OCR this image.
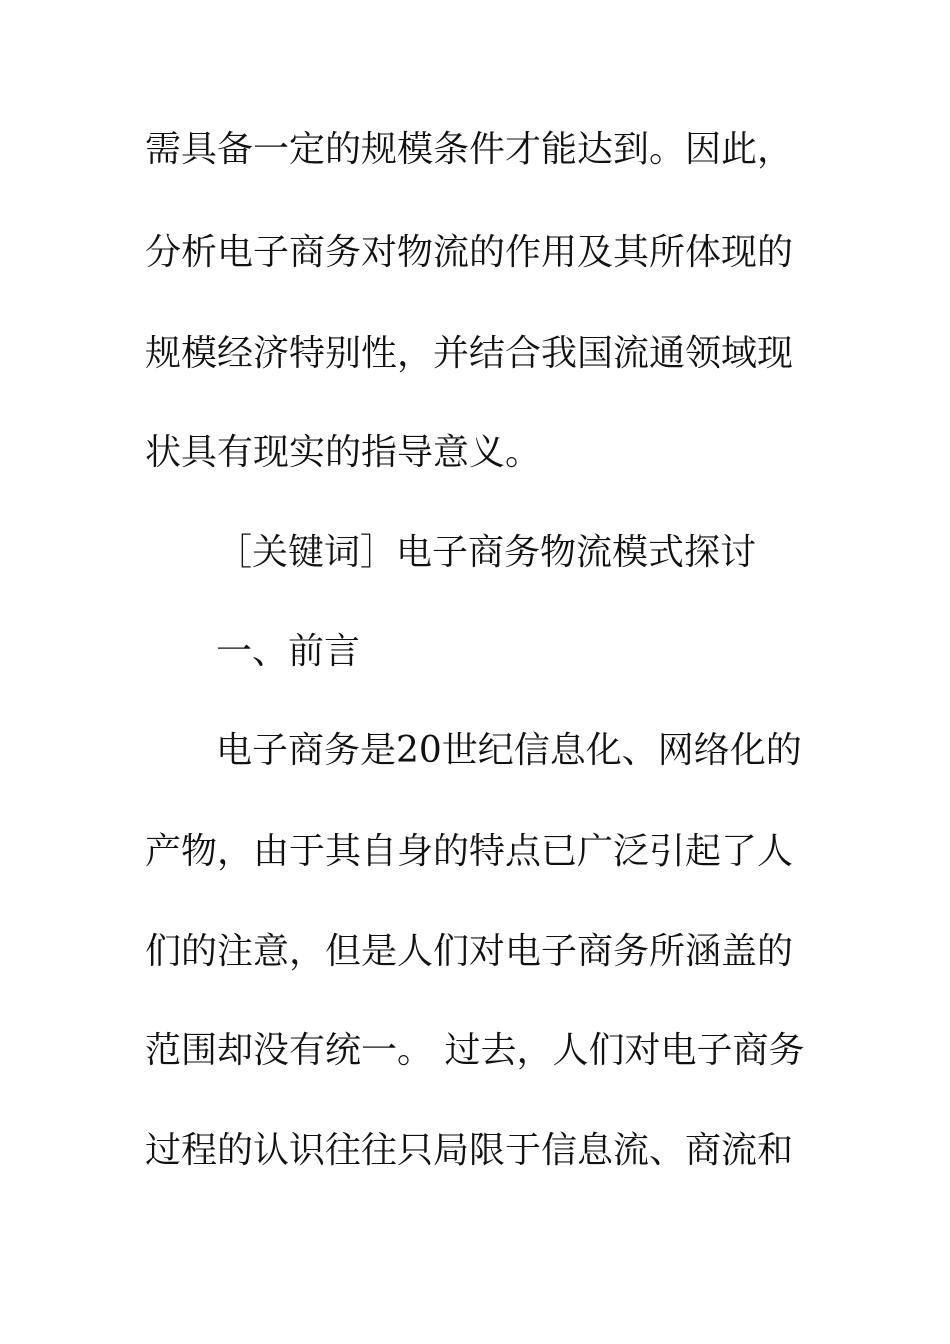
需具备一定的规模条件才能达到。因此，
分析电子商务对物流的作用及其所体现的
规模经济特别性，并结合我国流通领域现
状具有现实的指导意义。
［关键词］电子商务物流模式探讨
一、前言
电子商务是20世纪信息化、网络化的
产物，由于其自身的特点已广泛引起了人
们的注意，但是人们对电子商务所涵盖的
范围却没有统一。 过去，人们对电子商务
过程的认识往往只局限于信息流、商流和
